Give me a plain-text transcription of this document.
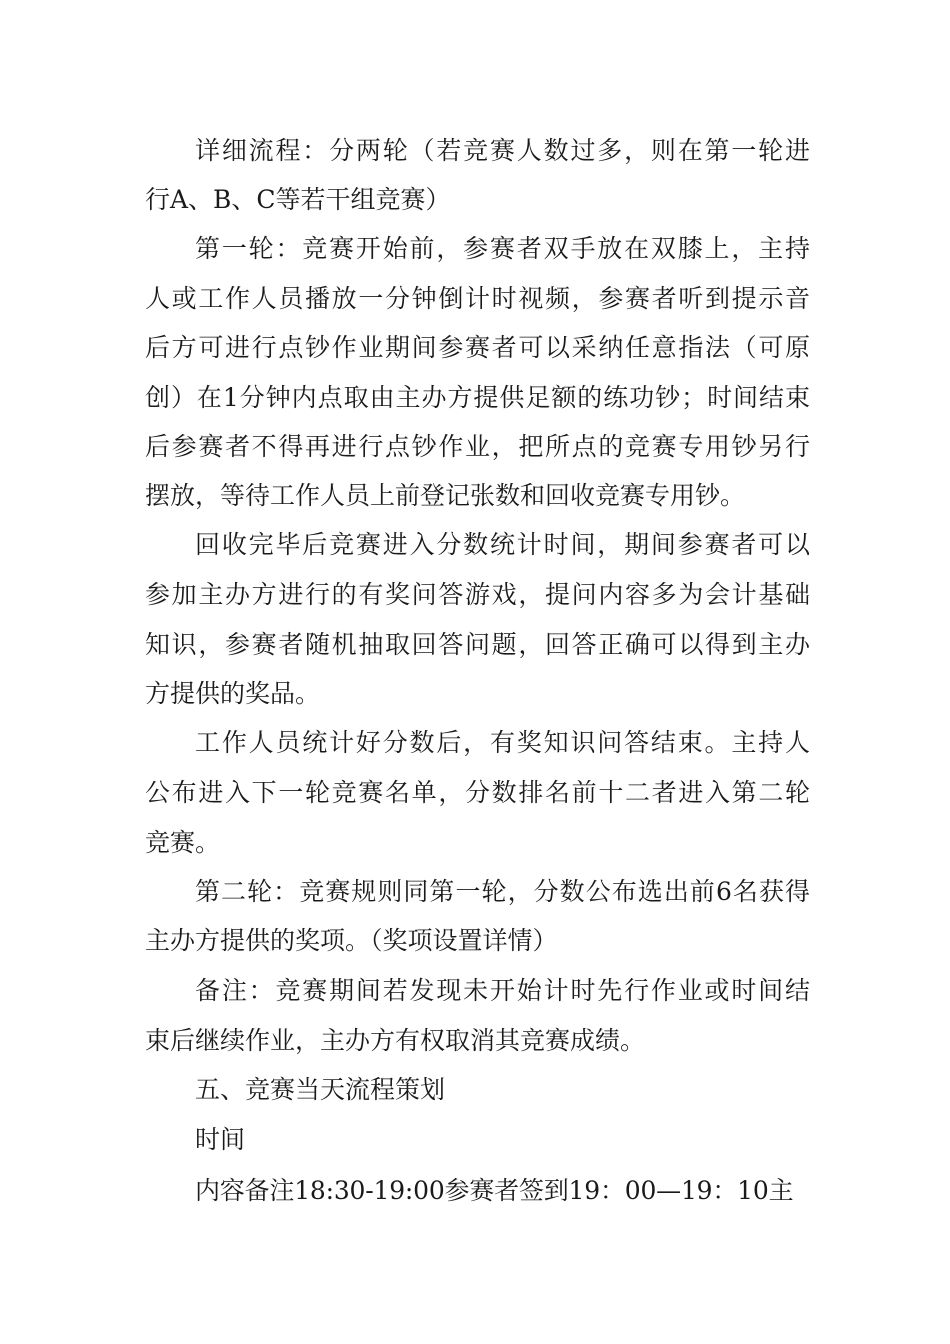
详细流程：分两轮（若竞赛人数过多，则在第一轮进
行A、B、C等若干组竞赛）
第一轮：竞赛开始前，参赛者双手放在双膝上，主持
人或工作人员播放一分钟倒计时视频，参赛者听到提示音
后方可进行点钞作业期间参赛者可以采纳任意指法（可原
创）在1分钟内点取由主办方提供足额的练功钞；时间结束
后参赛者不得再进行点钞作业，把所点的竞赛专用钞另行
摆放，等待工作人员上前登记张数和回收竞赛专用钞。
回收完毕后竞赛进入分数统计时间，期间参赛者可以
参加主办方进行的有奖问答游戏，提问内容多为会计基础
知识，参赛者随机抽取回答问题，回答正确可以得到主办
方提供的奖品。
工作人员统计好分数后，有奖知识问答结束。主持人
公布进入下一轮竞赛名单，分数排名前十二者进入第二轮
竞赛。
第二轮：竞赛规则同第一轮，分数公布选出前6名获得
主办方提供的奖项。（奖项设置详情）
备注：竞赛期间若发现未开始计时先行作业或时间结
束后继续作业，主办方有权取消其竞赛成绩。
五、竞赛当天流程策划
时间
内容备注18:30-19:00参赛者签到19：00—19：10主
